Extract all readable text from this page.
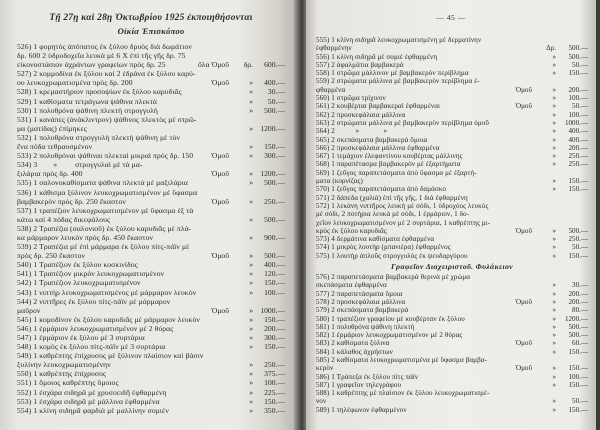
Τῇ 27ῃ καὶ 28ῃ Ὀκτωβρίου 1925 ἐκποιηθήσονται
Οἰκία Ἐπισκόπου
526) 1 φορητὸς ἀπόπατος ἐκ ξύλου δρυὸς διὰ δωμάτιον
δρ. 600 2 ὑδροδοχεῖα λευκὰ μὲ 6 Χ ἐπὶ τῆς γῆς δρ. 75
εἰκονοστάσιον ἀχράντων γραφείων πρὸς δρ. 25	ὅλα Ὁμοῦ	δρ.	600.—
527) 2 κομμοδίνα ἐκ ξύλου καὶ 2 ἑδράνα ἐκ ξύλου καρύ-
ου λευκοχρωματισμένα πρὸς δρ. 200	Ὁμοῦ	»	400.—
528) 1 κρεμαστήριον προσοψίων ἐκ ξύλου καρυδιᾶς	»	30.—
529) 1 καθίσματα τετράγωνα ψάθινα πλεκτὰ	»	50.—
530) 1 πολυθρόνα ψάθινη πλεκτὴ στρογγυλὴ	»	500.—
531) 1 κανάπες (ἀνάκλιντρον) ψάθινος πλεκτὸς μὲ στρῶ-
μα (ματίδας) ἐπίμηκες	» 1200.—
532) 1 πολυθρόνα στρογγυλὴ πλεκτὴ ψάθινη μὲ τὸν
ἕνα πόδα τεθραυσμένον	»	150.—
533) 2 πολυθρόναι ψάθιναι πλεκταὶ μικραὶ πρὸς δρ. 150	Ὁμοῦ	»	300.—
534) 3        »         στρογγυλαὶ μὲ τὰ μα-
ξιλάρια πρὸς δρ. 400	Ὁμοῦ	» 1200.—
535) 1 σαλονοκαθίσματα ψάθινα πλεκτὰ μὲ μαξιλάρια	»	500.—
536) 1 κάθισμα ξύλινον λευκοχρωματισμένον μὲ ὕφασμα
βαμβακερὸν πρὸς δρ. 250 ἕκαστον	Ὁμοῦ	»	250.—
537) 1 τραπέζιον λευκοχρωματισμένον μὲ ὕφασμα ἐξ τὰ
κάτω καὶ 4 πόδας δικεφάλους	»	500.—
538) 2 Τραπέζια (σαλονιοῦ) ἐκ ξύλου καρυδιᾶς μὲ πλά-
κα μάρμαρον λευκὸν πρὸς δρ. 450 ἕκαστον	»	900.—
539) 2 Τραπέζια μὲ ἐπὶ μάρμαρα ἐκ ξύλου πίτς-πάϊν μὲ
πρὸς δρ. 250 ἕκαστον	Ὁμοῦ	»	500.—
540) 1 Τραπέζιον ἐκ ξύλου κοσκινίδος	»	400.—
541) 1 Τραπέζιον μικρὸν λευκοχρωματισμένον	»	120.—
542) 1 Τραπέζιον λευκοχρωματισμένον	»	150.—
543) 1 νιπτὴρ λευκοχρωματισμένος μὲ μάρμαρον λευκὸν	»	100.—
544) 2 νιπτῆρες ἐκ ξύλου πίτς-πάϊν μὲ μάρμαρον
μαῦρον	Ὁμοῦ	» 1000.—
545) 1 κομοδίνον ἐκ ξύλου καρυδιᾶς μὲ μάρμαρον λευκὸν	»	150.—
546) 1 ἐρμάριον λευκοχρωματισμένον μὲ 2 θύρας	»	200.—
547) 1 ἐρμάριον ἐκ ξύλου μὲ 3 συρτάρια	»	300.—
548) 1 κομὸς ἐκ ξύλου πίτς-πάϊν μὲ 3 συρτάρια	»	150.—
549) 1 καθρέπτης ἐπίχρυσος μὲ ξύλινον πλαίσιον καὶ βάσιν
ξυλίνην λευκοχρωματισμένην	»	250.—
550) 1 καθρέπτης ἐπίχρυσος	»	375.—
551) 1 ὅμοιος καθρέπτης ὅμοιος	»	100.—
552) 1 ἐσχάρα σιδηρᾶ μὲ χρυσοειδῆ ἐφθαρμένη	»	225.—
553) 1 ἐσχάρα σιδηρᾶ μὲ μάλλινα ἐφθαρμένα	»	150.—
554) 1 κλίνη σιδηρᾶ φαρδιὰ μὲ μαλλίνην σομιέν	»	350.—
— 45 —
555) 1 κλίνη σιδηρᾶ λευκοχρωματισμένη μὲ δερματίνην
ἐφθαρμένην	Δρ.	500.—
556) 1 κλίνη σιδηρᾶ μὲ σομιὲ ἐφθαρμένη	»	500.—
557) 2 ἀφαλμάτια βαμβακερὰ	»	50.—
558) 1 στρῶμα μάλλινον μὲ βαμβακερὸν περίβλημα	»	150.—
559) 2 στρώματα μάλλινα μὲ βαμβακερὸν περίβλημα ἐ-
φθαρμένα	Ὁμοῦ	»	200.—
560) 1 στρῶμα τρίχινον	»	100.—
561) 2 κουβέρται βαμβακεραὶ ἐφθαρμέναι	Ὁμοῦ	»	50.—
562) 2 προσκεφάλαια μάλλινα	»	100.—
563) 2 στρώματα μάλλινα μὲ βαμβακερὸν περίβλημα ὁμοῦ	»	1000.—
564) 2           »             »	»	400.—
565) 2 σκεπάσματα βαμβακερὰ ὅμοια	»	400.—
566) 2 προσκεφάλαια μάλλινα ἐφθαρμένα	»	200.—
567) 1 τεμάχιον ἐλεφαντίνου κουβέρτας μάλλινης	»	250.—
568) 1 παραπέτασμα βαμβακερὸν μὲ ἐξαρτήματα	»	250.—
569) 1 ζεῦγος παραπετάσματα ἀπὸ ὕφασμα μὲ ἐξαρτή-
ματα (κορνίζας)	»	150.—
570) 1 ζεῦγος παραπετάσματα ἀπὸ δαμάσκο	»	150.—
571) 2 δάπεδα (χαλιὰ) ἐπὶ τῆς γῆς, 1 διὰ ἐφθαρμένη
572) 1 λεκάνη νιπτῆρος λευκὴ μὲ σόδι, 1 ὑδροχόος λευκὸς
μὲ σόδι, 2 ποτήρια λευκὰ μὲ σόδι, 1 ἐρμάριον, 1 δο-
χεῖον λευκοχρωματισμένον μὲ 2 συρτάρια, 1 καθρέπτης μι-
κρὸς ἐκ ξύλου καρυδιᾶς	Ὁμοῦ	»	500.—
573) 4 δερμάτινα καθίσματα ἐφθαρμένα	»	250.—
574) 1 μικρὸς λουτὴρ (μπανιέρα) ἐφθαρμένος	»	50.—
575) 1 λουτὴρ ἁπλοῦς στρογγυλὸς ἐκ ψευδαργύρου	»	150.—
Γραφεῖον Διαχειριστοῦ. Φυλάκειον
576) 2 παραπετάσματα βαμβακερὰ θερινὰ μὲ χρώμα
σκεπάσματα ἐφθαρμένα	»	30.—
577) 2 παραπετάσματα ὅμοια	»	200.—
578) 2 προσκεφάλαια μάλλινα	Ὁμοῦ	»	200.—
579) 2 σκεπάσματα βαμβακερὰ	»	80.—
580) 1 τραπέζιον γραφείου μὲ κουβέρταν ἐκ ξύλου	»	1200.—
581) 1 πολυθρόνα ψάθινη πλεκτὴ	»	500.—
582) 1 ἐρμάριον λευκοχρωματισμένον μὲ 2 θύρας	»	500.—
583) 2 καθίσματα ξύλινα	Ὁμοῦ	»	60.—
584) 1 κάλαθος ἀχρήστων	»	150.—
585) 2 καθίσματα λευκοχρωματισμένα μὲ ὕφασμα βαμβα-
κερὸν	Ὁμοῦ	»	150.—
586) 1 Τράπεζα ἐκ ξύλου πίτς πάϊν	»	100.—
587) 1 γραφεῖον τηλεγράφου	»	150.—
588) 1 καθρέπτης μὲ πλαίσιον ἐκ ξύλου λευκοχρωματισμέ-
νον	»	50.—
589) 1 τηλέφωνον ἐφθαρμένον	»	150.—
